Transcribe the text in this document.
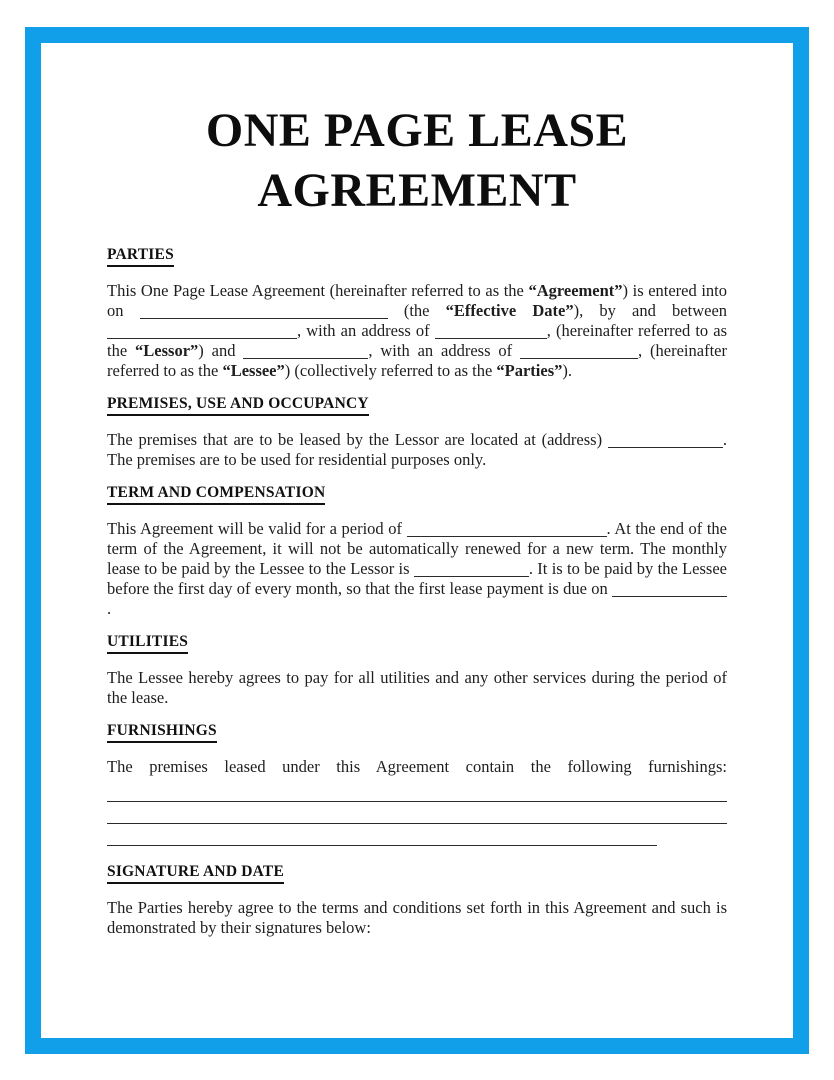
ONE PAGE LEASE
AGREEMENT
PARTIES

This One Page Lease Agreement (hereinafter referred to as the “Agreement”) is entered into on	(the “Effective Date”), by and between , with an address of	, (hereinafter referred to as the “Lessor”) and	, with an address of	, (hereinafter referred to as the “Lessee”) (collectively referred to as the “Parties”).

PREMISES, USE AND OCCUPANCY

The premises that are to be leased by the Lessor are located at (address)	. The premises are to be used for residential purposes only.

TERM AND COMPENSATION

This Agreement will be valid for a period of	. At the end of the term of the Agreement, it will not be automatically renewed for a new term. The monthly lease to be paid by the Lessee to the Lessor is	. It is to be paid by the Lessee before the first day of every month, so that the first lease payment is due on .

UTILITIES

The Lessee hereby agrees to pay for all utilities and any other services during the period of the lease.

FURNISHINGS

The premises leased under this Agreement contain the following furnishings:

SIGNATURE AND DATE

The Parties hereby agree to the terms and conditions set forth in this Agreement and such is demonstrated by their signatures below:
